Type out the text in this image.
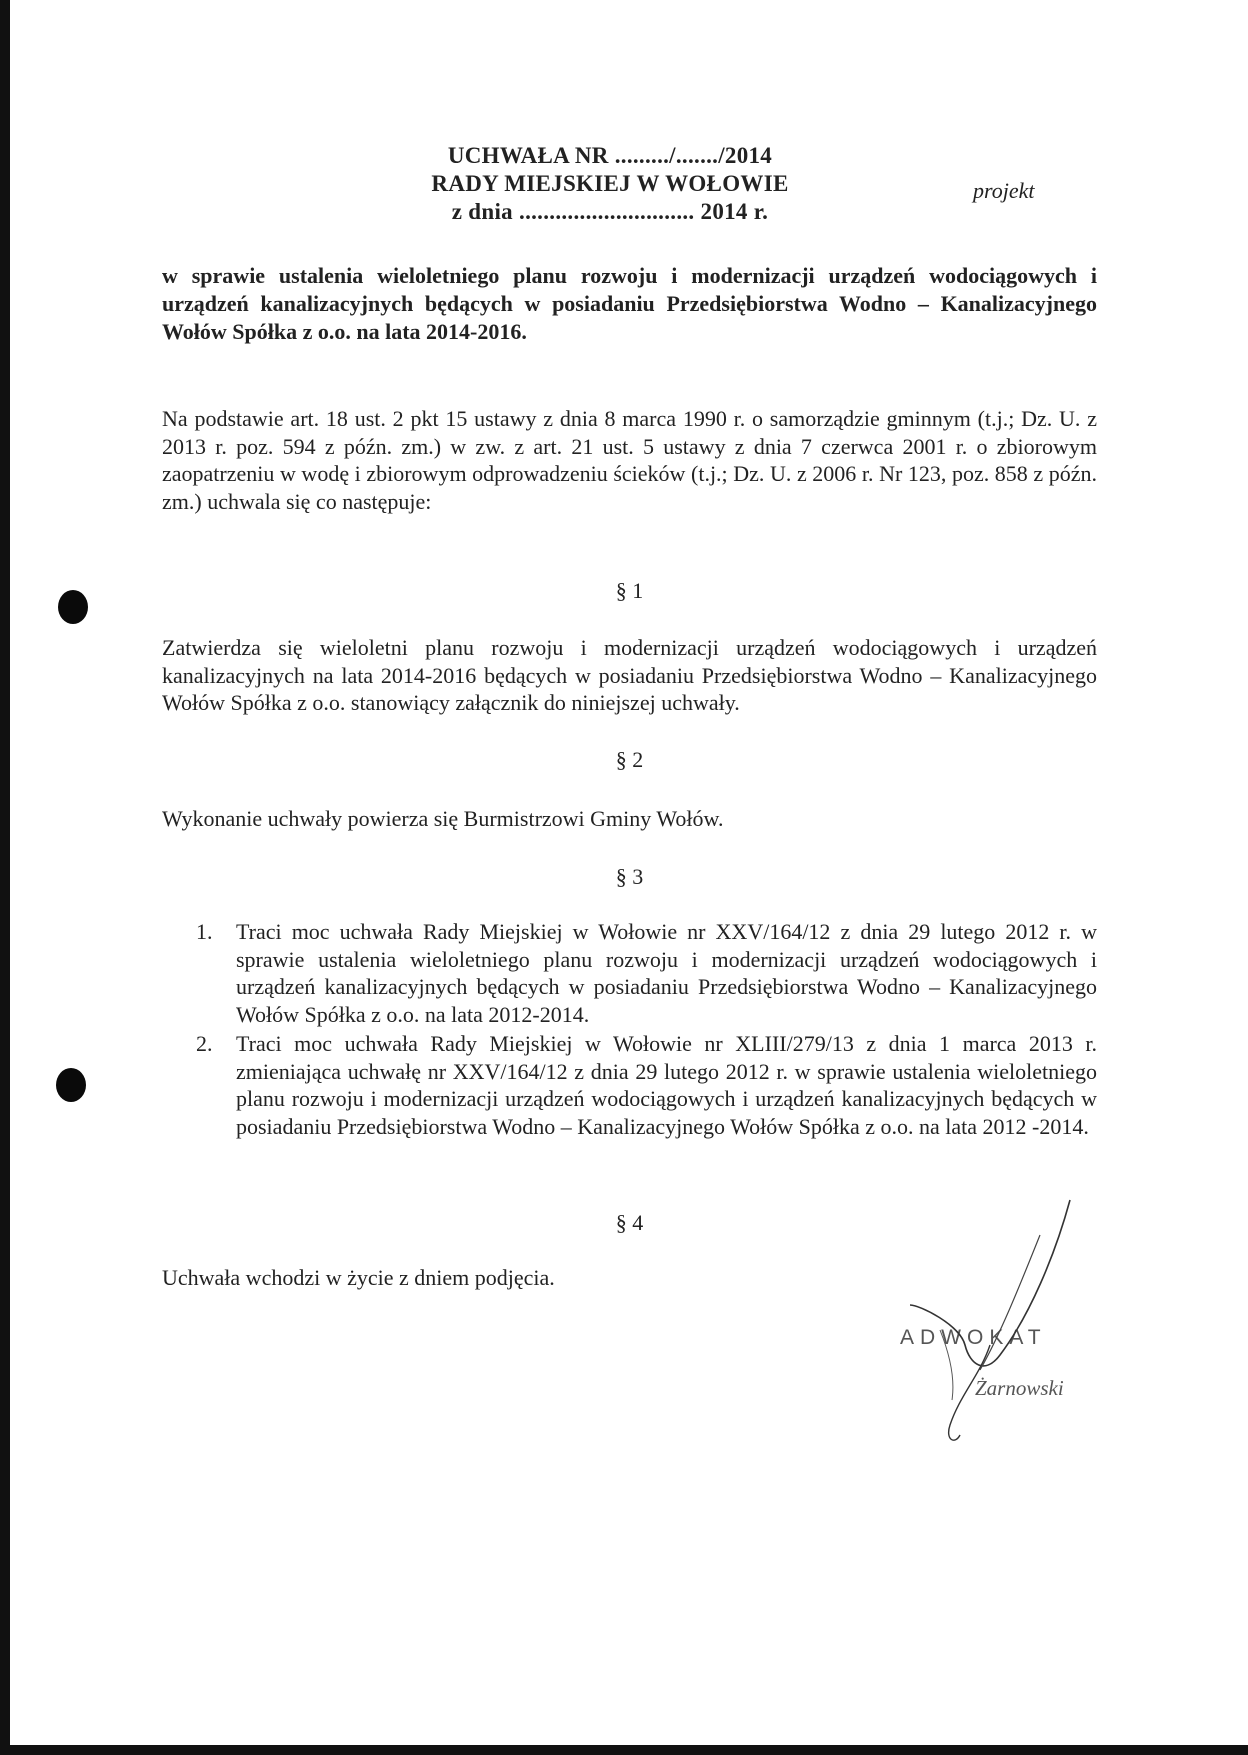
UCHWAŁA NR ........./......./2014
RADY MIEJSKIEJ W WOŁOWIE
z dnia ............................. 2014 r.
projekt
w sprawie ustalenia wieloletniego planu rozwoju i modernizacji urządzeń wodociągowych i urządzeń kanalizacyjnych będących w posiadaniu Przedsiębiorstwa Wodno – Kanalizacyjnego Wołów Spółka z o.o. na lata 2014-2016.
Na podstawie art. 18 ust. 2 pkt 15 ustawy z dnia 8 marca 1990 r. o samorządzie gminnym (t.j.; Dz. U. z 2013 r. poz. 594 z późn. zm.) w zw. z art. 21 ust. 5 ustawy z dnia 7 czerwca 2001 r. o zbiorowym zaopatrzeniu w wodę i zbiorowym odprowadzeniu ścieków (t.j.; Dz. U. z 2006 r. Nr 123, poz. 858 z późn. zm.) uchwala się co następuje:
§ 1
Zatwierdza się wieloletni planu rozwoju i modernizacji urządzeń wodociągowych i urządzeń kanalizacyjnych na lata 2014-2016 będących w posiadaniu Przedsiębiorstwa Wodno – Kanalizacyjnego Wołów Spółka z o.o. stanowiący załącznik do niniejszej uchwały.
§ 2
Wykonanie uchwały powierza się Burmistrzowi Gminy Wołów.
§ 3
1. Traci moc uchwała Rady Miejskiej w Wołowie nr XXV/164/12 z dnia 29 lutego 2012 r. w sprawie ustalenia wieloletniego planu rozwoju i modernizacji urządzeń wodociągowych i urządzeń kanalizacyjnych będących w posiadaniu Przedsiębiorstwa Wodno – Kanalizacyjnego Wołów Spółka z o.o. na lata 2012-2014.
2. Traci moc uchwała Rady Miejskiej w Wołowie nr XLIII/279/13 z dnia 1 marca 2013 r. zmieniająca uchwałę nr XXV/164/12 z dnia 29 lutego 2012 r. w sprawie ustalenia wieloletniego planu rozwoju i modernizacji urządzeń wodociągowych i urządzeń kanalizacyjnych będących w posiadaniu Przedsiębiorstwa Wodno – Kanalizacyjnego Wołów Spółka z o.o. na lata 2012 -2014.
§ 4
Uchwała wchodzi w życie z dniem podjęcia.
ADWOKAT
Żarnowski
